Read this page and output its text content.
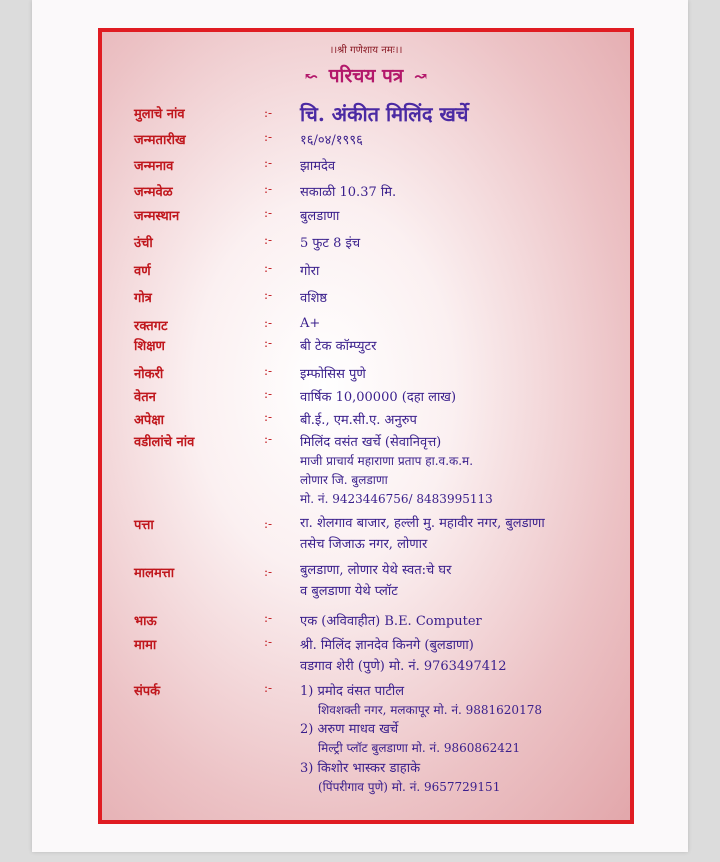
।।श्री गणेशाय नमः।।
↜ परिचय पत्र ↝
मुलाचे नांव	:- चि. अंकीत मिलिंद खर्चे
जन्मतारीख	:- १६/०४/१९९६
जन्मनाव	:- झामदेव
जन्मवेळ	:- सकाळी 10.37 मि.
जन्मस्थान	:- बुलडाणा
उंची	:- 5 फुट 8 इंच
वर्ण	:- गोरा
गोत्र	:- वशिष्ठ
रक्तगट	:- A+
शिक्षण	:- बी टेक कॉम्प्युटर
नोकरी	:- इम्फोसिस पुणे
वेतन	:- वार्षिक 10,00000 (दहा लाख)
अपेक्षा	:- बी.ई., एम.सी.ए. अनुरुप
वडीलांचे नांव	:- मिलिंद वसंत खर्चे (सेवानिवृत्त)
माजी प्राचार्य महाराणा प्रताप हा.व.क.म.
लोणार जि. बुलडाणा
मो. नं. 9423446756/ 8483995113
पत्ता	:- रा. शेलगाव बाजार, हल्ली मु. महावीर नगर, बुलडाणा
तसेच जिजाऊ नगर, लोणार
मालमत्ता	:- बुलडाणा, लोणार येथे स्वत:चे घर
व बुलडाणा येथे प्लॉट
भाऊ	:- एक (अविवाहीत) B.E. Computer
मामा	:- श्री. मिलिंद ज्ञानदेव किनगे (बुलडाणा)
वडगाव शेरी (पुणे) मो. नं. 9763497412
संपर्क	:- 1) प्रमोद वंसत पाटील
शिवशक्ती नगर, मलकापूर मो. नं. 9881620178
2) अरुण माधव खर्चे
मिल्ट्री प्लॉट बुलडाणा मो. नं. 9860862421
3) किशोर भास्कर डाहाके
(पिंपरीगाव पुणे) मो. नं. 9657729151
